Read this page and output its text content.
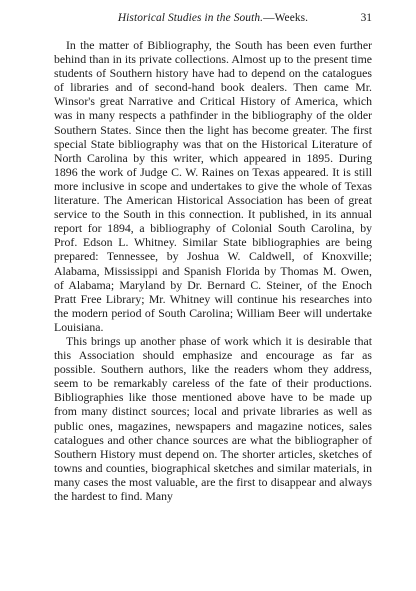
Historical Studies in the South.—Weeks.	31

In the matter of Bibliography, the South has been even further behind than in its private collections. Almost up to the present time students of Southern history have had to depend on the catalogues of libraries and of second-hand book dealers. Then came Mr. Winsor's great Narrative and Critical History of America, which was in many respects a pathfinder in the bibliography of the older Southern States. Since then the light has become greater. The first special State bibliography was that on the Historical Literature of North Carolina by this writer, which appeared in 1895. During 1896 the work of Judge C. W. Raines on Texas appeared. It is still more inclusive in scope and undertakes to give the whole of Texas literature. The American Historical Association has been of great service to the South in this connection. It published, in its annual report for 1894, a bibliography of Colonial South Carolina, by Prof. Edson L. Whitney. Similar State bibliographies are being prepared: Tennessee, by Joshua W. Caldwell, of Knoxville; Alabama, Mississippi and Spanish Florida by Thomas M. Owen, of Alabama; Maryland by Dr. Bernard C. Steiner, of the Enoch Pratt Free Library; Mr. Whitney will continue his researches into the modern period of South Carolina; William Beer will undertake Louisiana.

This brings up another phase of work which it is desirable that this Association should emphasize and encourage as far as possible. Southern authors, like the readers whom they address, seem to be remarkably careless of the fate of their productions. Bibliographies like those mentioned above have to be made up from many distinct sources; local and private libraries as well as public ones, magazines, newspapers and magazine notices, sales catalogues and other chance sources are what the bibliographer of Southern History must depend on. The shorter articles, sketches of towns and counties, biographical sketches and similar materials, in many cases the most valuable, are the first to disappear and always the hardest to find. Many
